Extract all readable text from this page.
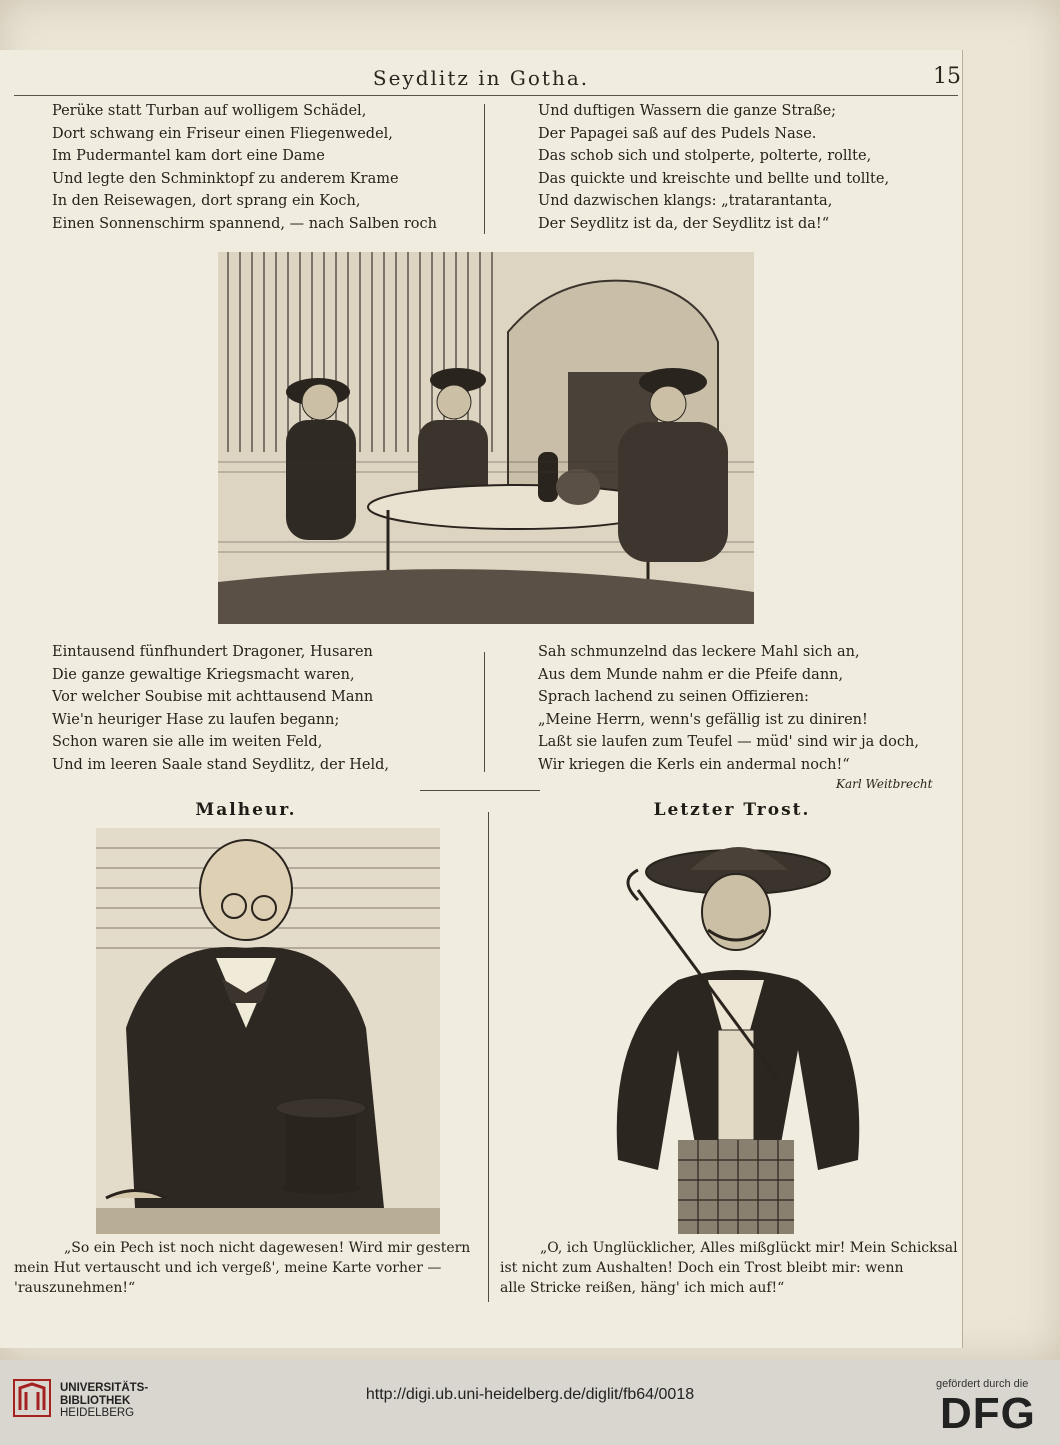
Seydlitz in Gotha.	15
Perüke statt Turban auf wolligem Schädel,
Dort schwang ein Friseur einen Fliegenwedel,
Im Pudermantel kam dort eine Dame
Und legte den Schminktopf zu anderem Krame
In den Reisewagen, dort sprang ein Koch,
Einen Sonnenschirm spannend, — nach Salben roch
Und duftigen Wassern die ganze Straße;
Der Papagei saß auf des Pudels Nase.
Das schob sich und stolperte, polterte, rollte,
Das quickte und kreischte und bellte und tollte,
Und dazwischen klangs: „tratarantanta,
Der Seydlitz ist da, der Seydlitz ist da!“
Eintausend fünfhundert Dragoner, Husaren
Die ganze gewaltige Kriegsmacht waren,
Vor welcher Soubise mit achttausend Mann
Wie'n heuriger Hase zu laufen begann;
Schon waren sie alle im weiten Feld,
Und im leeren Saale stand Seydlitz, der Held,
Sah schmunzelnd das leckere Mahl sich an,
Aus dem Munde nahm er die Pfeife dann,
Sprach lachend zu seinen Offizieren:
„Meine Herrn, wenn's gefällig ist zu diniren!
Laßt sie laufen zum Teufel — müd' sind wir ja doch,
Wir kriegen die Kerls ein andermal noch!“
Karl Weitbrecht
Malheur.	Letzter Trost.
„So ein Pech ist noch nicht dagewesen! Wird mir gestern
mein Hut vertauscht und ich vergeß', meine Karte vorher —
'rauszunehmen!“
„O, ich Unglücklicher, Alles mißglückt mir! Mein Schicksal
ist nicht zum Aushalten! Doch ein Trost bleibt mir: wenn
alle Stricke reißen, häng' ich mich auf!“
UNIVERSITÄTS-
BIBLIOTHEK
HEIDELBERG
http://digi.ub.uni-heidelberg.de/diglit/fb64/0018
gefördert durch die
DFG
